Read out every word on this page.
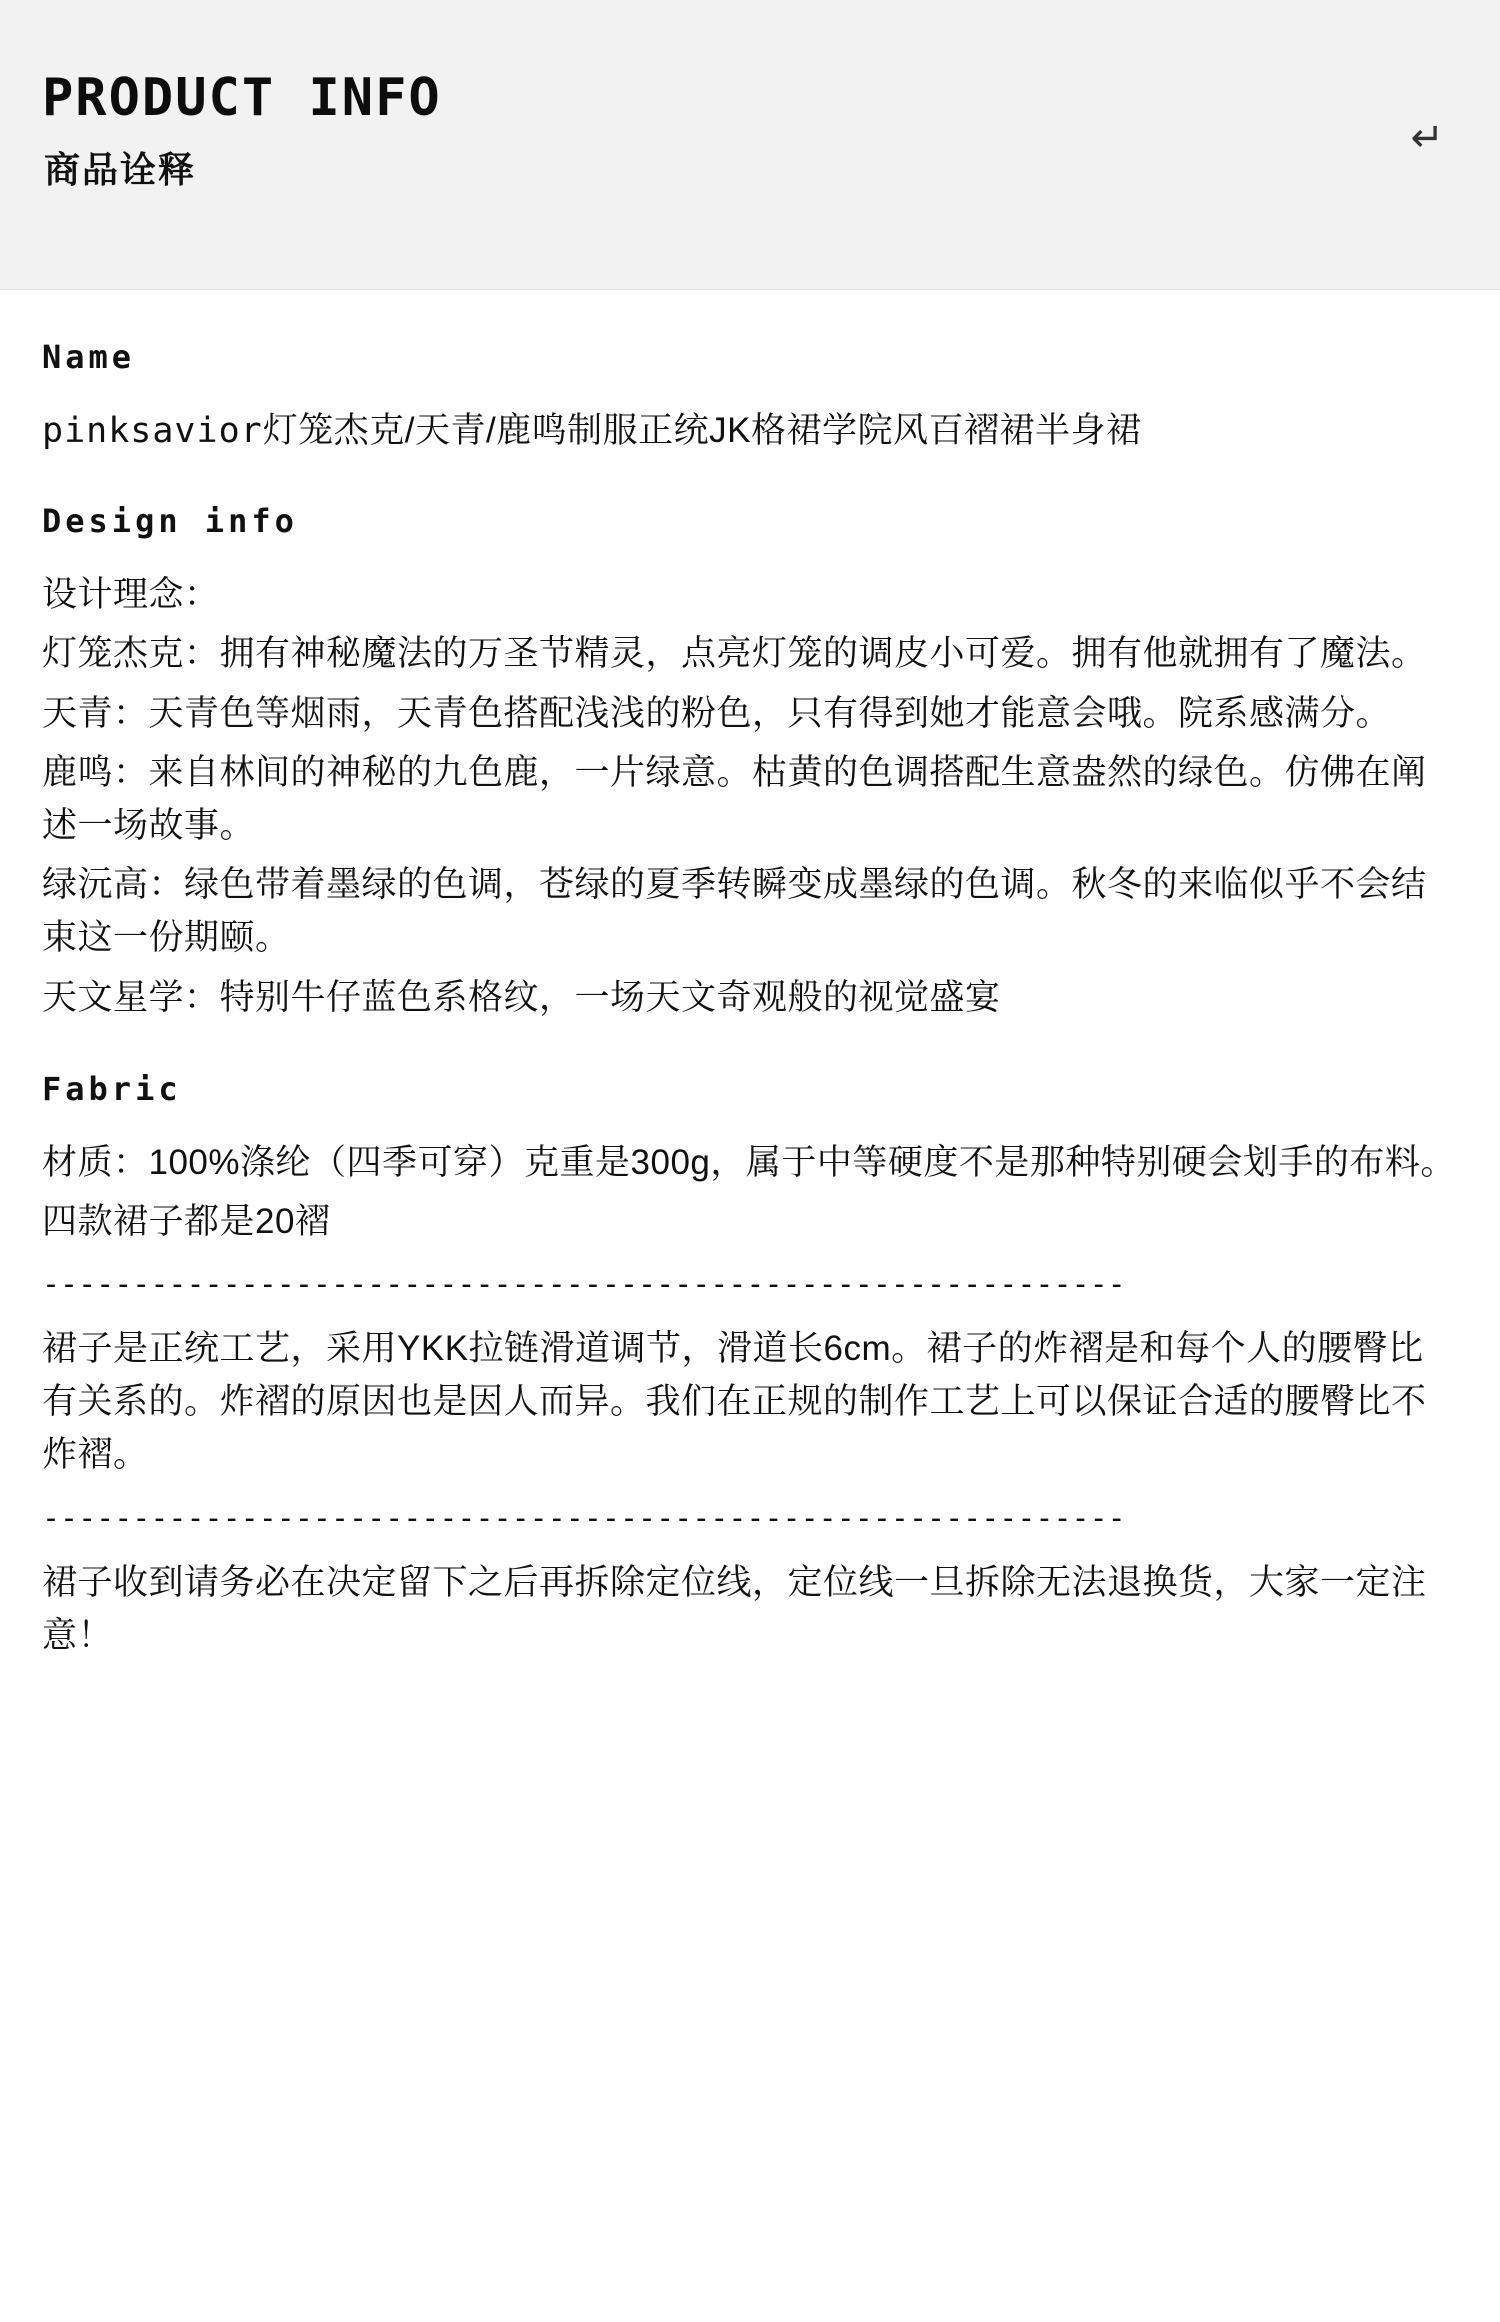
PRODUCT INFO
商品诠释
↵
Name
pinksavior灯笼杰克/天青/鹿鸣制服正统JK格裙学院风百褶裙半身裙
Design info
设计理念：
灯笼杰克：拥有神秘魔法的万圣节精灵，点亮灯笼的调皮小可爱。拥有他就拥有了魔法。
天青：天青色等烟雨，天青色搭配浅浅的粉色，只有得到她才能意会哦。院系感满分。
鹿鸣：来自林间的神秘的九色鹿，一片绿意。枯黄的色调搭配生意盎然的绿色。仿佛在阐述一场故事。
绿沅高：绿色带着墨绿的色调，苍绿的夏季转瞬变成墨绿的色调。秋冬的来临似乎不会结束这一份期颐。
天文星学：特别牛仔蓝色系格纹，一场天文奇观般的视觉盛宴
Fabric
材质：100%涤纶（四季可穿）克重是300g，属于中等硬度不是那种特别硬会划手的布料。
四款裙子都是20褶
------------------------------------------------------------
裙子是正统工艺，采用YKK拉链滑道调节，滑道长6cm。裙子的炸褶是和每个人的腰臀比有关系的。炸褶的原因也是因人而异。我们在正规的制作工艺上可以保证合适的腰臀比不炸褶。
------------------------------------------------------------
裙子收到请务必在决定留下之后再拆除定位线，定位线一旦拆除无法退换货，大家一定注意！
